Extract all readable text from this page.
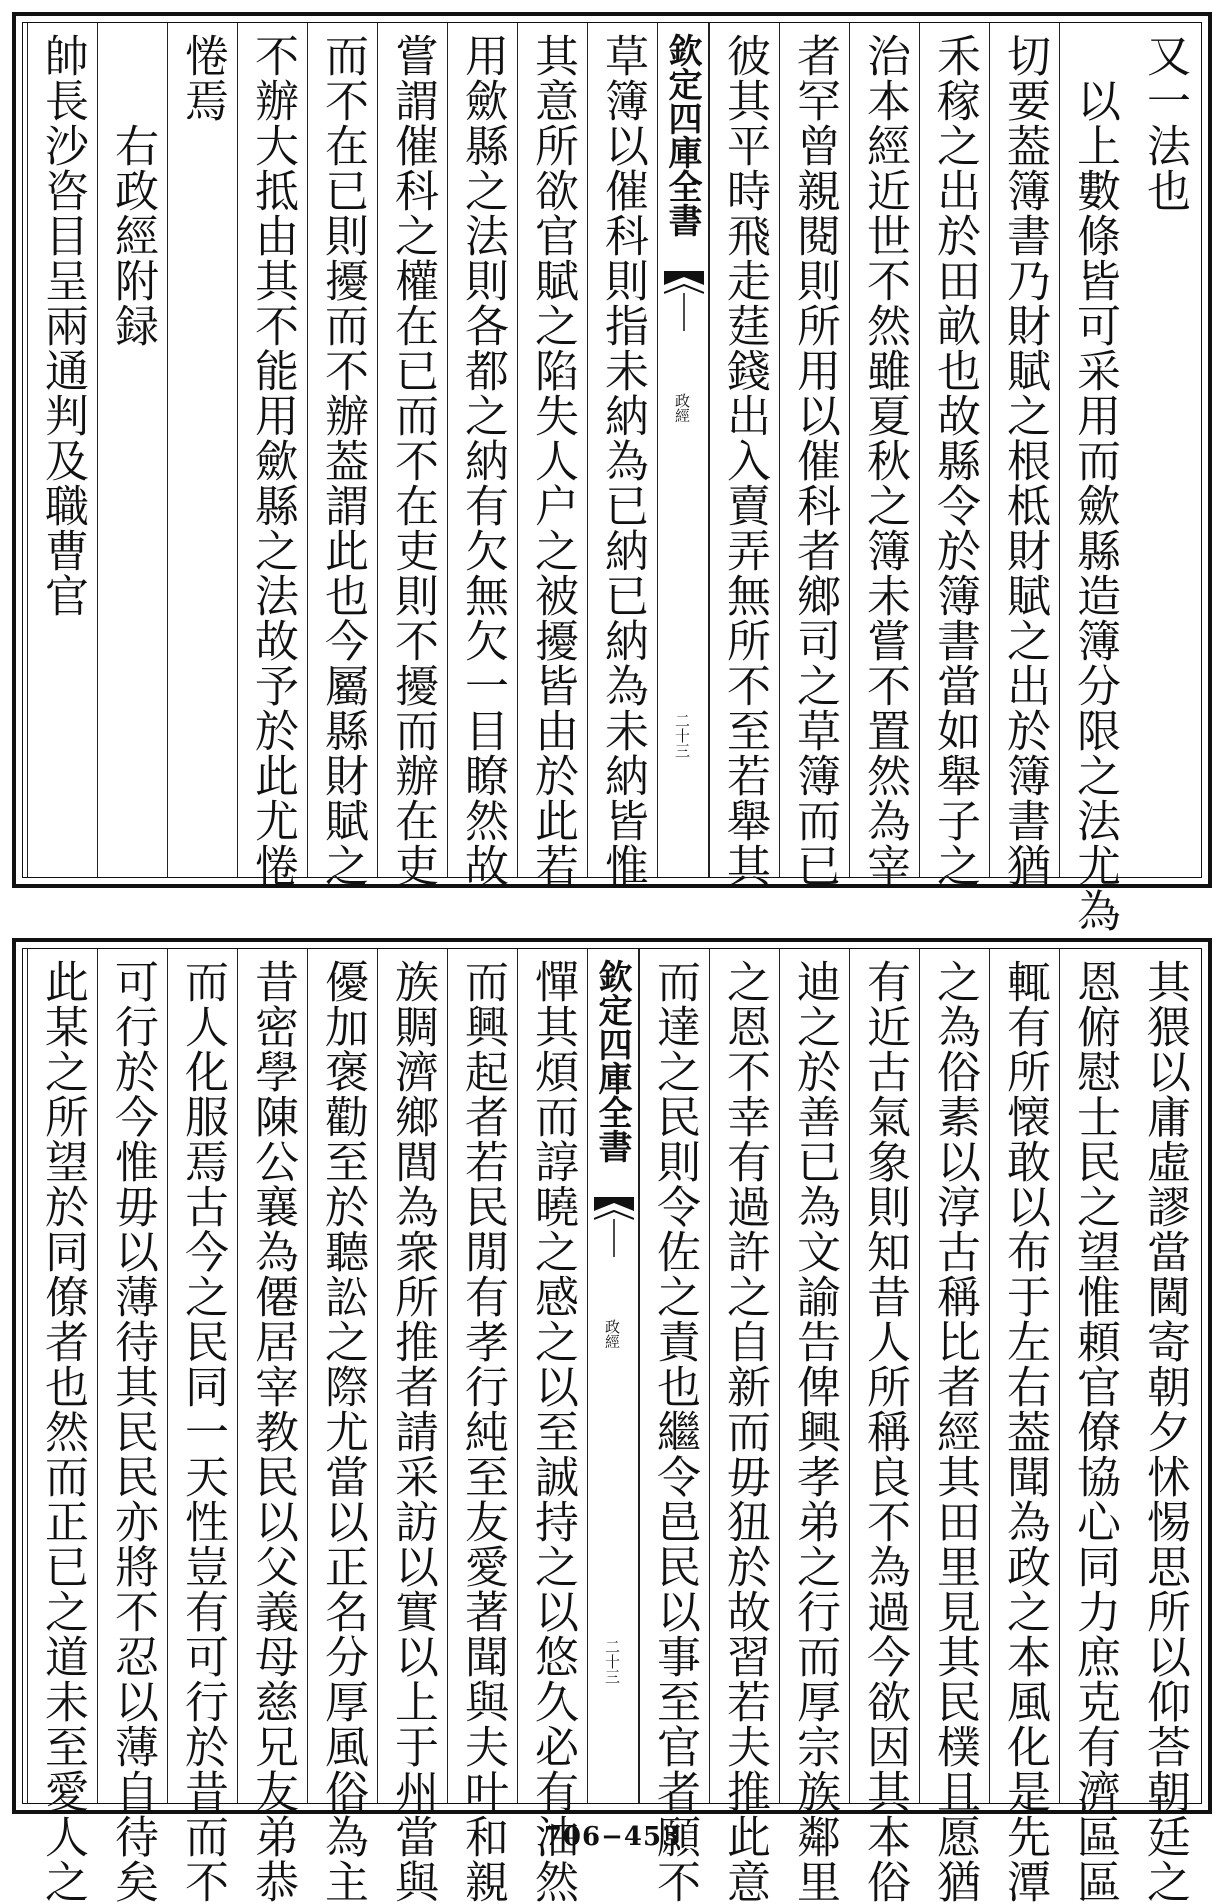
又一法也
　以上數條皆可采用而歛縣造簿分限之法尤為
切要葢簿書乃財賦之根柢財賦之出於簿書猶
禾稼之出於田畝也故縣令於簿書當如舉子之
治本經近世不然雖夏秋之簿未嘗不置然為宰
者罕曾親閱則所用以催科者鄉司之草簿而已
彼其平時飛走莛錢出入賣弄無所不至若舉其
草簿以催科則指未納為已納已納為未納皆惟
其意所欲官賦之陷失人户之被擾皆由於此若
用歛縣之法則各都之納有欠無欠一目瞭然故
嘗謂催科之權在已而不在吏則不擾而辦在吏
而不在已則擾而不辦葢謂此也今屬縣財賦之
不辦大抵由其不能用歛縣之法故予於此尤惓
惓焉
　　右政經附録
帥長沙咨目呈兩通判及職曹官	欽定四庫全書
政經
二十三
其猥以庸虛謬當閫寄朝夕怵惕思所以仰荅朝廷之
恩俯慰士民之望惟頼官僚協心同力庶克有濟區區
輒有所懐敢以布于左右葢聞為政之本風化是先潭
之為俗素以淳古稱比者經其田里見其民樸且愿猶
有近古氣象則知昔人所稱良不為過今欲因其本俗
迪之於善已為文諭告俾興孝弟之行而厚宗族鄰里
之恩不幸有過許之自新而毋狃於故習若夫推此意
而達之民則令佐之責也繼令邑民以事至官者願不
憚其煩而諄曉之感之以至誠持之以悠久必有油然
而興起者若民閒有孝行純至友愛著聞與夫叶和親
族賙濟鄉閭為衆所推者請采訪以實以上于州當與
優加褒勸至於聽訟之際尤當以正名分厚風俗為主
昔密學陳公襄為僊居宰教民以父義母慈兄友弟恭
而人化服焉古今之民同一天性豈有可行於昔而不
可行於今惟毋以薄待其民民亦將不忍以薄自待矣
此某之所望於同僚者也然而正已之道未至愛人之	欽定四庫全書
政經
二十三
706−453
